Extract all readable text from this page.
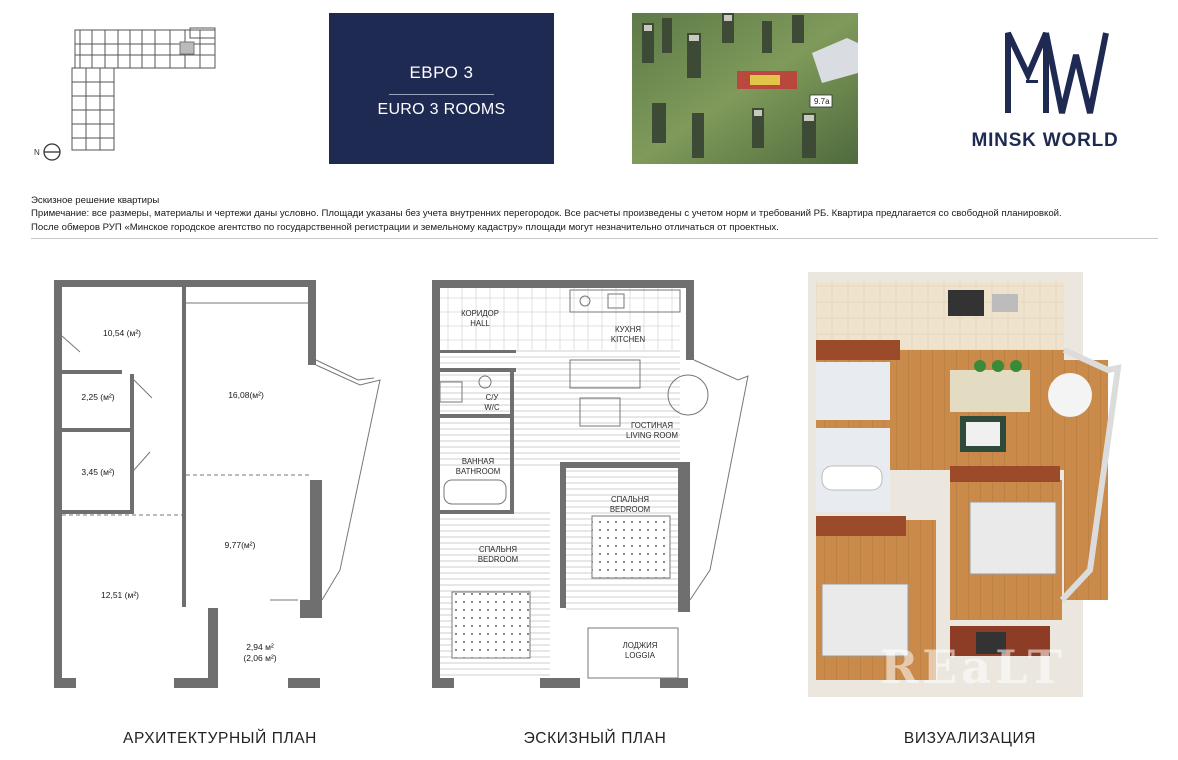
N
ЕВРО 3
EURO 3 ROOMS	9.7a
MINSK WORLD
Эскизное решение квартиры
Примечание: все размеры, материалы и чертежи даны условно. Площади указаны без учета внутренних перегородок. Все расчеты произведены с учетом норм и требований РБ. Квартира предлагается со свободной планировкой.
После обмеров РУП «Минское городское агентство по государственной регистрации и земельному кадастру» площади могут незначительно отличаться от проектных.
10,54 (м²)
16,08(м²)
2,25 (м²)
3,45 (м²)
9,77(м²)
12,51 (м²)
2,94 м²
(2,06 м²)
КОРИДОР
HALL
КУХНЯ
KITCHEN
С/У
W/C
ГОСТИНАЯ
LIVING ROOM
ВАННАЯ
BATHROOM
СПАЛЬНЯ
BEDROOM
СПАЛЬНЯ
BEDROOM
ЛОДЖИЯ
LOGGIA	REaLT
АРХИТЕКТУРНЫЙ ПЛАН	ЭСКИЗНЫЙ ПЛАН	ВИЗУАЛИЗАЦИЯ
